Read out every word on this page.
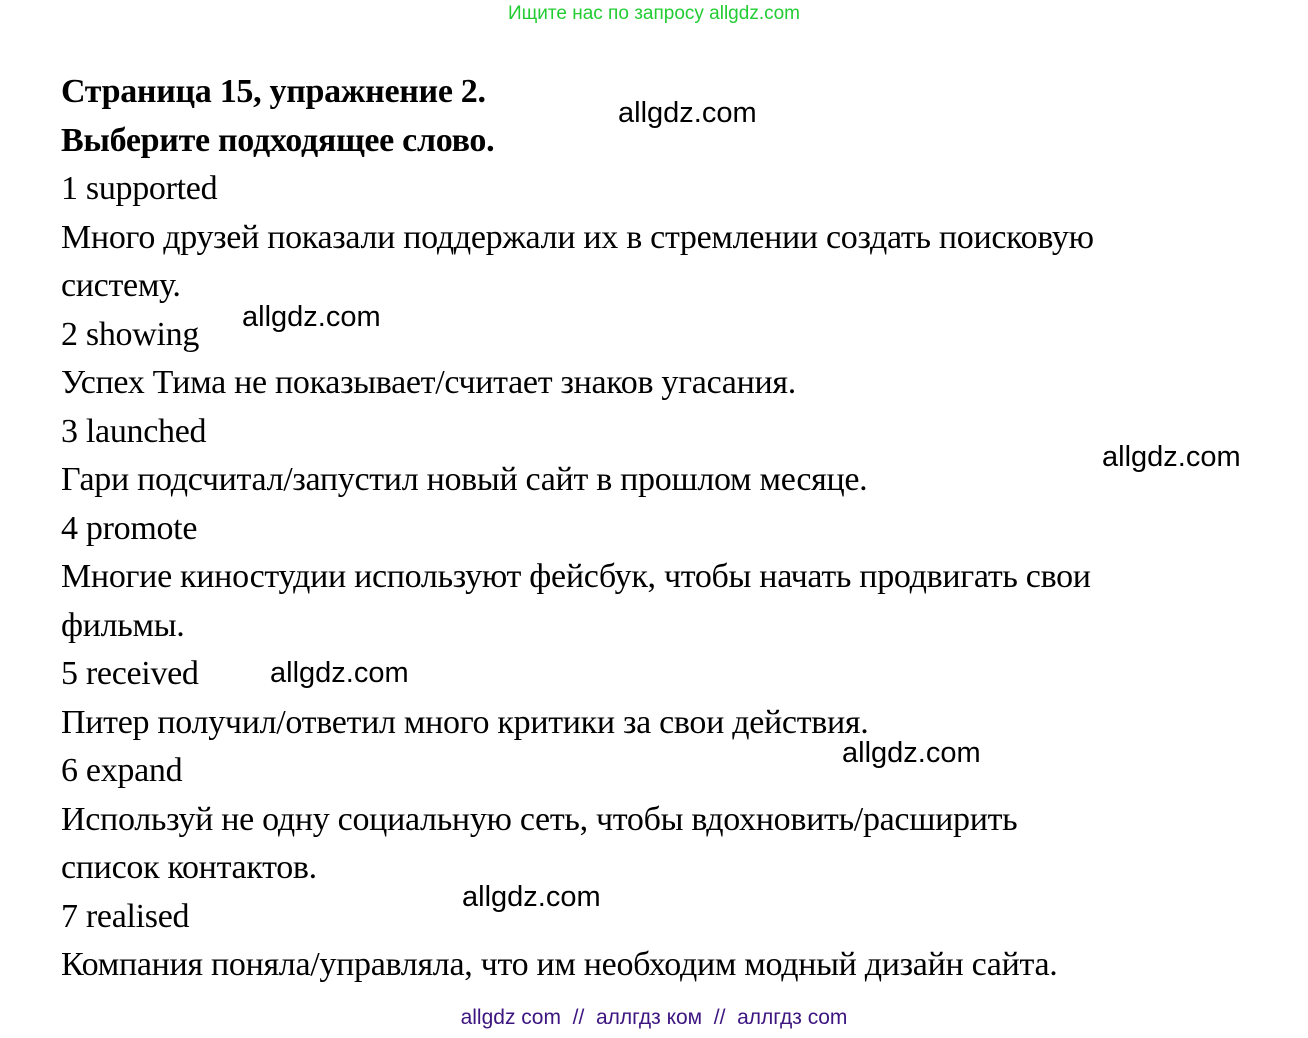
Ищите нас по запросу allgdz.com
Страница 15, упражнение 2.
Выберите подходящее слово.
1 supported
Много друзей показали поддержали их в стремлении создать поисковую
систему.
2 showing
Успех Тима не показывает/считает знаков угасания.
3 launched
Гари подсчитал/запустил новый сайт в прошлом месяце.
4 promote
Многие киностудии используют фейсбук, чтобы начать продвигать свои
фильмы.
5 received
Питер получил/ответил много критики за свои действия.
6 expand
Используй не одну социальную сеть, чтобы вдохновить/расширить
список контактов.
7 realised
Компания поняла/управляла, что им необходим модный дизайн сайта.
allgdz.com
allgdz.com
allgdz.com
allgdz.com
allgdz.com
allgdz.com
allgdz com  //  аллгдз ком  //  аллгдз com
